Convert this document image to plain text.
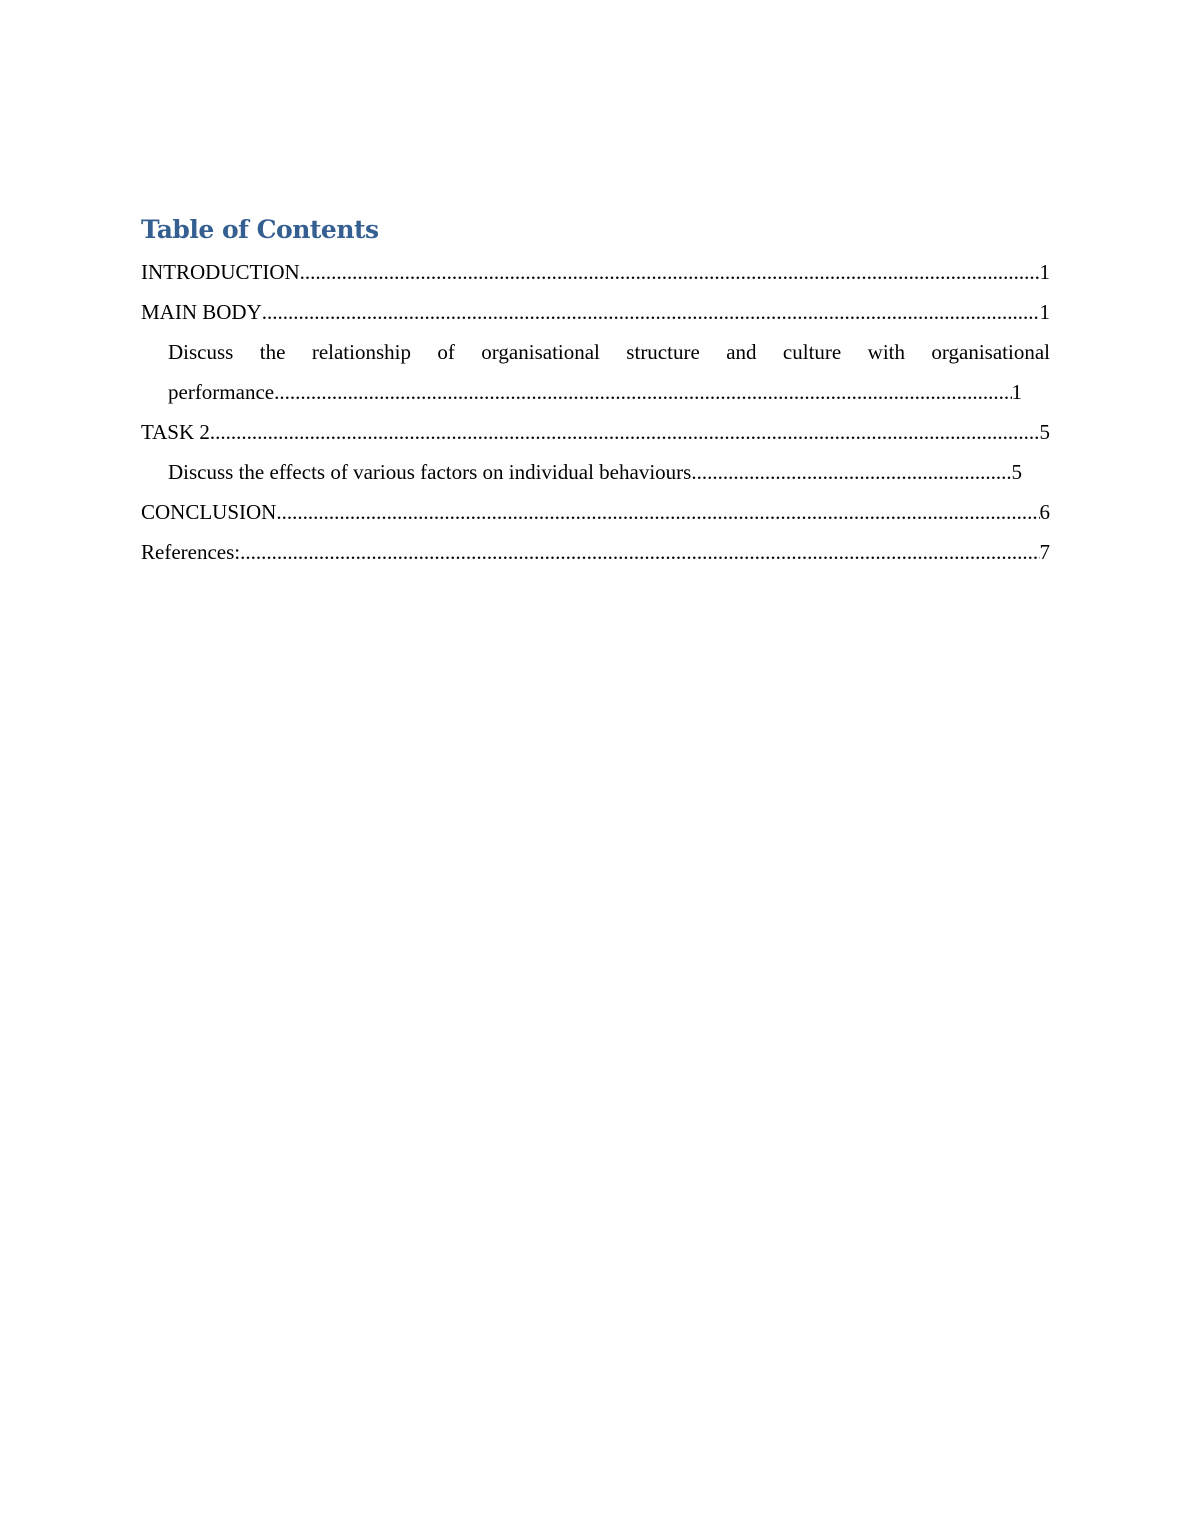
Table of Contents
INTRODUCTION .....	1
MAIN BODY .....	1
Discuss the relationship of organisational structure and culture with organisational
performance .....	1
TASK 2 .....	5
Discuss the effects of various factors on individual behaviours .....	5
CONCLUSION .....	6
References: .....	7
